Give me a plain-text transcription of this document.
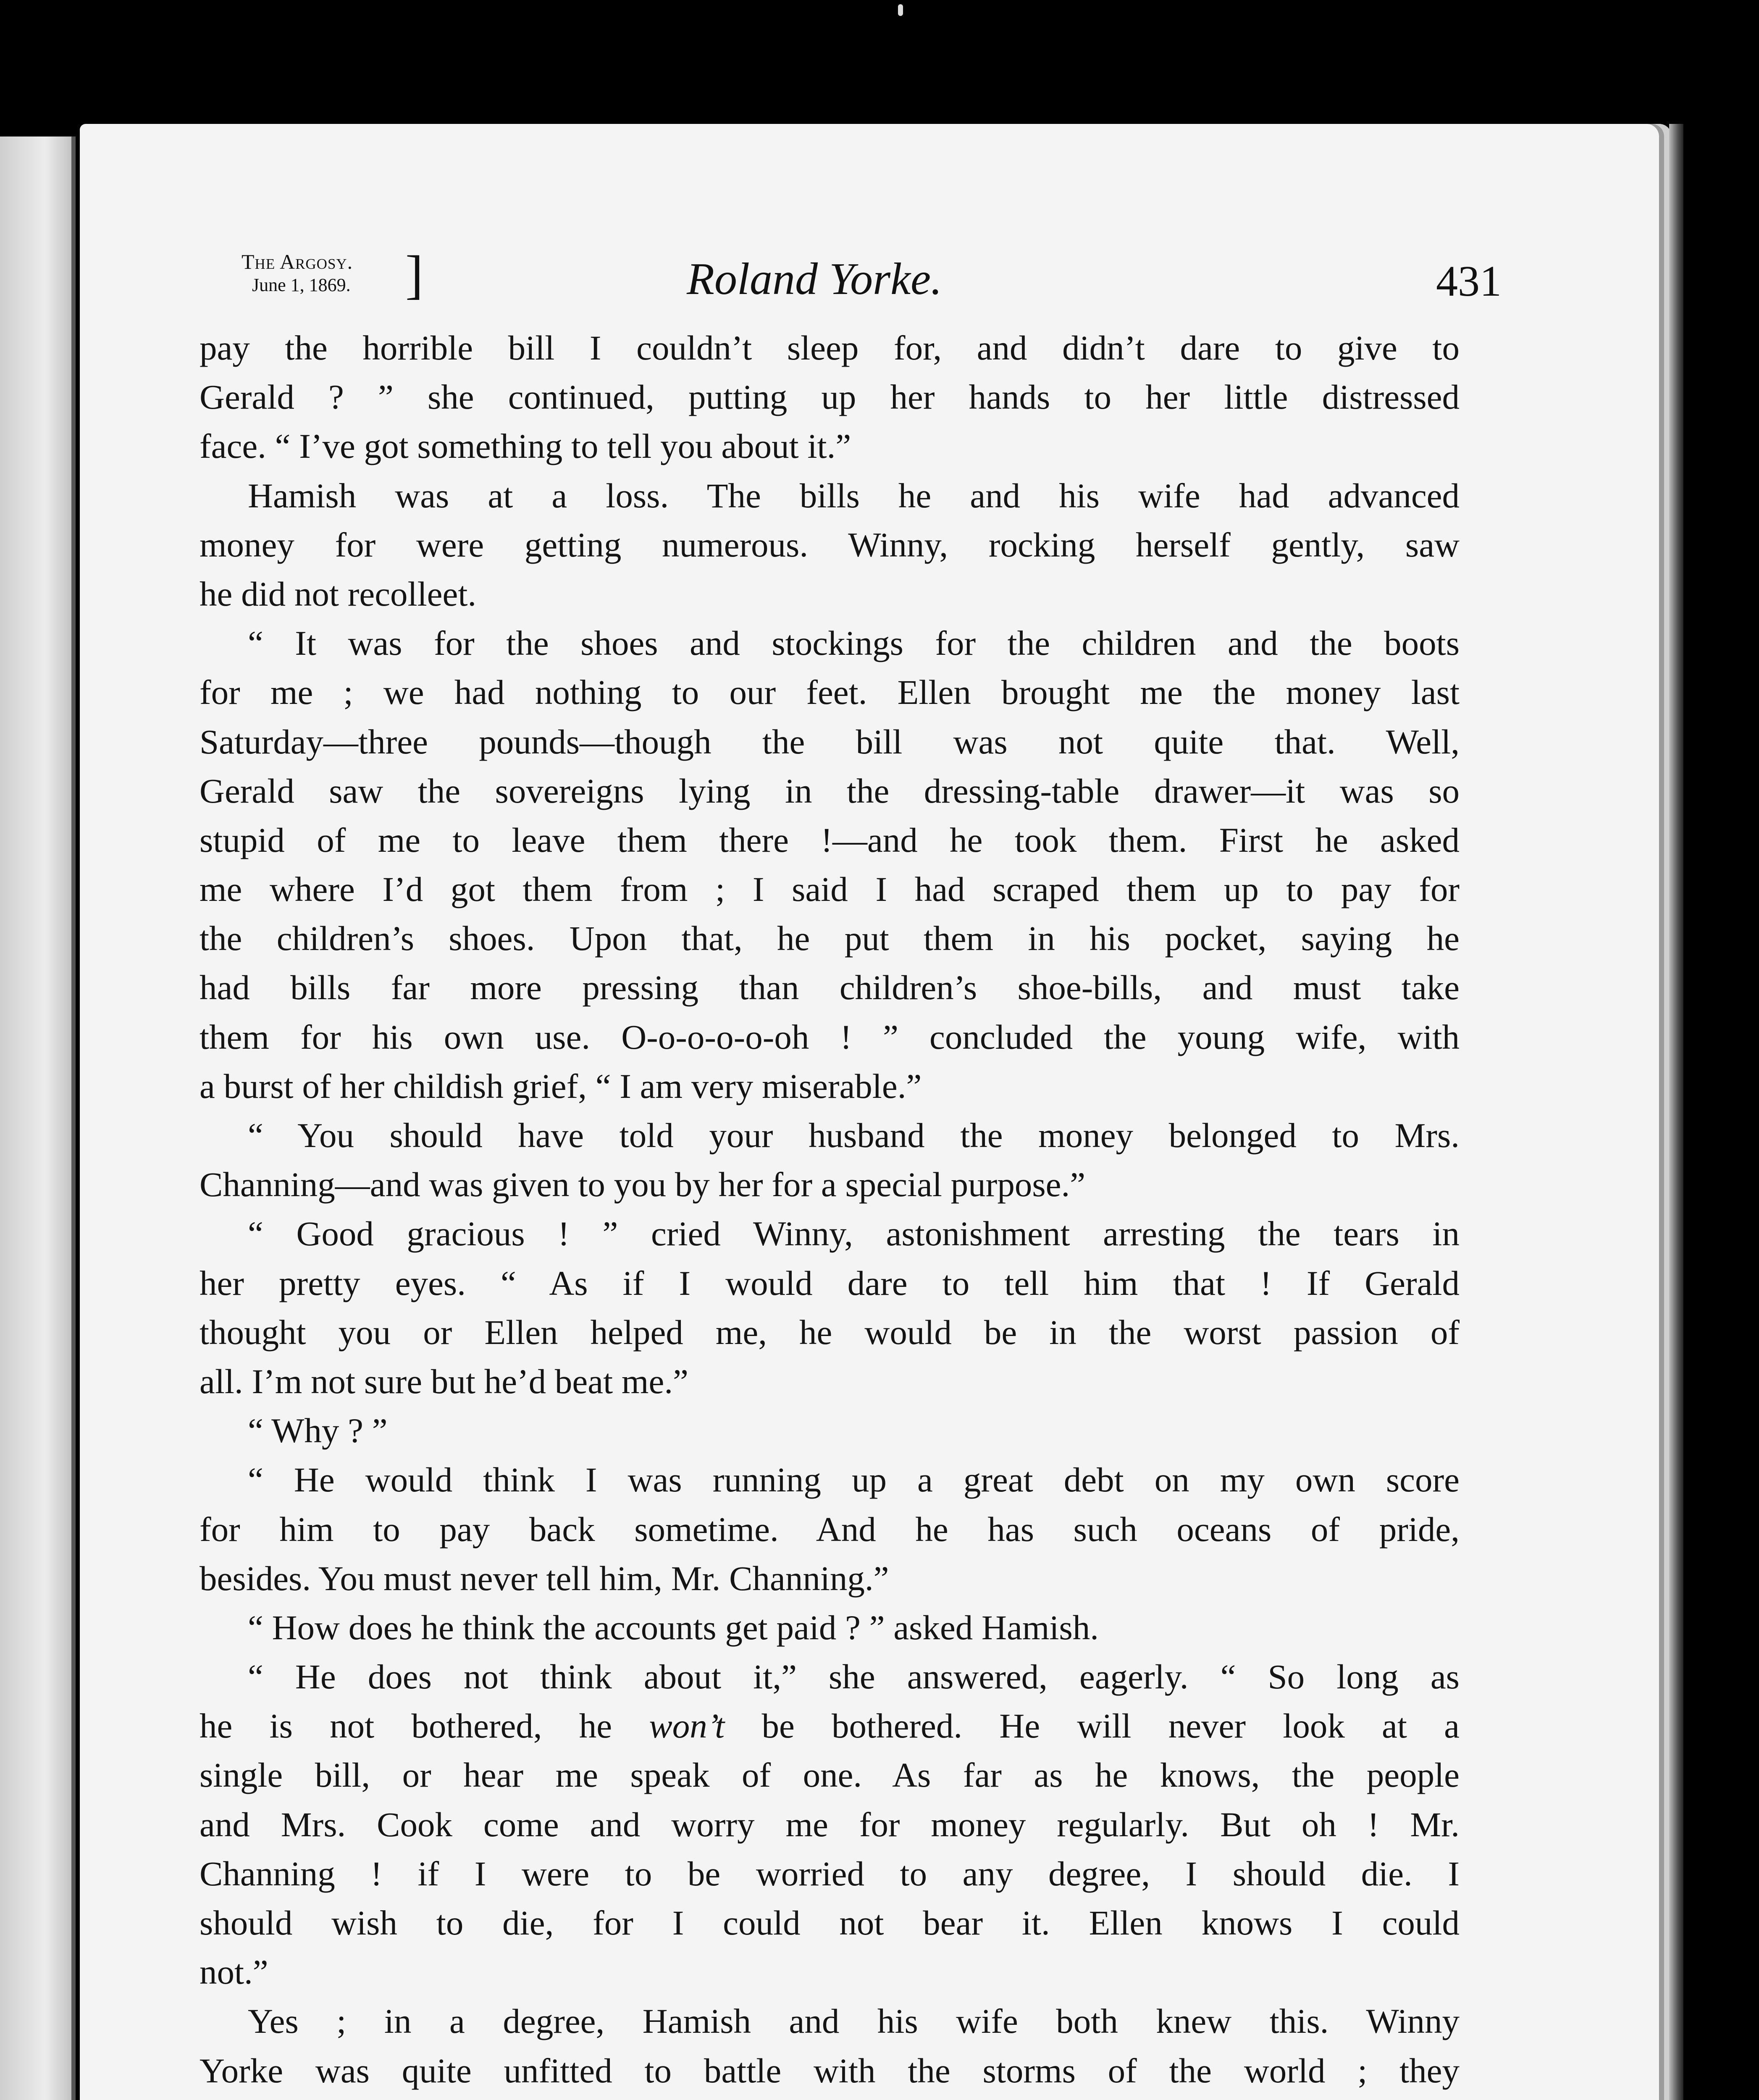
The Argosy.
June 1, 1869. ]	Roland Yorke.	431
pay the horrible bill I couldn’t sleep for, and didn’t dare to give to
Gerald ? ” she continued, putting up her hands to her little distressed
face. “ I’ve got something to tell you about it.”
Hamish was at a loss. The bills he and his wife had advanced
money for were getting numerous. Winny, rocking herself gently, saw
he did not recolleet.
“ It was for the shoes and stockings for the children and the boots
for me ; we had nothing to our feet. Ellen brought me the money last
Saturday—three pounds—though the bill was not quite that. Well,
Gerald saw the sovereigns lying in the dressing-table drawer—it was so
stupid of me to leave them there !—and he took them. First he asked
me where I’d got them from ; I said I had scraped them up to pay for
the children’s shoes. Upon that, he put them in his pocket, saying he
had bills far more pressing than children’s shoe-bills, and must take
them for his own use. O-o-o-o-o-oh ! ” concluded the young wife, with
a burst of her childish grief, “ I am very miserable.”
“ You should have told your husband the money belonged to Mrs.
Channing—and was given to you by her for a special purpose.”
“ Good gracious ! ” cried Winny, astonishment arresting the tears in
her pretty eyes. “ As if I would dare to tell him that ! If Gerald
thought you or Ellen helped me, he would be in the worst passion of
all. I’m not sure but he’d beat me.”
“ Why ? ”
“ He would think I was running up a great debt on my own score
for him to pay back sometime. And he has such oceans of pride,
besides. You must never tell him, Mr. Channing.”
“ How does he think the accounts get paid ? ” asked Hamish.
“ He does not think about it,” she answered, eagerly. “ So long as
he is not bothered, he won’t be bothered. He will never look at a
single bill, or hear me speak of one. As far as he knows, the people
and Mrs. Cook come and worry me for money regularly. But oh ! Mr.
Channing ! if I were to be worried to any degree, I should die. I
should wish to die, for I could not bear it. Ellen knows I could
not.”
Yes ; in a degree, Hamish and his wife both knew this. Winny
Yorke was quite unfitted to battle with the storms of the world ; they
